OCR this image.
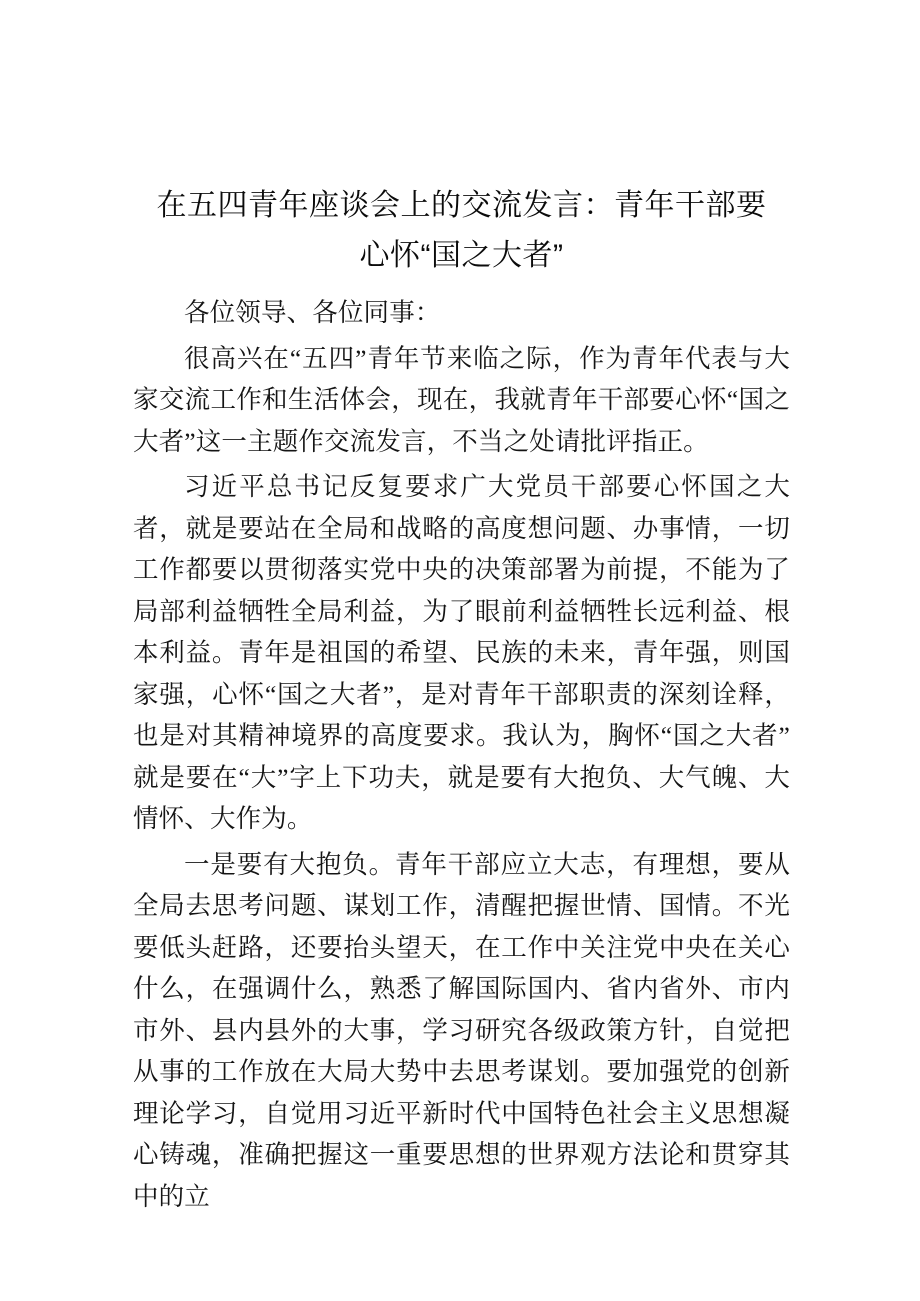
在五四青年座谈会上的交流发言：青年干部要
心怀“国之大者”

各位领导、各位同事：

很高兴在“五四”青年节来临之际，作为青年代表与大家交流工作和生活体会，现在，我就青年干部要心怀“国之大者”这一主题作交流发言，不当之处请批评指正。

习近平总书记反复要求广大党员干部要心怀国之大者，就是要站在全局和战略的高度想问题、办事情，一切工作都要以贯彻落实党中央的决策部署为前提，不能为了局部利益牺牲全局利益，为了眼前利益牺牲长远利益、根本利益。青年是祖国的希望、民族的未来，青年强，则国家强，心怀“国之大者”，是对青年干部职责的深刻诠释，也是对其精神境界的高度要求。我认为，胸怀“国之大者”就是要在“大”字上下功夫，就是要有大抱负、大气魄、大情怀、大作为。

一是要有大抱负。青年干部应立大志，有理想，要从全局去思考问题、谋划工作，清醒把握世情、国情。不光要低头赶路，还要抬头望天，在工作中关注党中央在关心什么，在强调什么，熟悉了解国际国内、省内省外、市内市外、县内县外的大事，学习研究各级政策方针，自觉把从事的工作放在大局大势中去思考谋划。要加强党的创新理论学习，自觉用习近平新时代中国特色社会主义思想凝心铸魂，准确把握这一重要思想的世界观方法论和贯穿其中的立
